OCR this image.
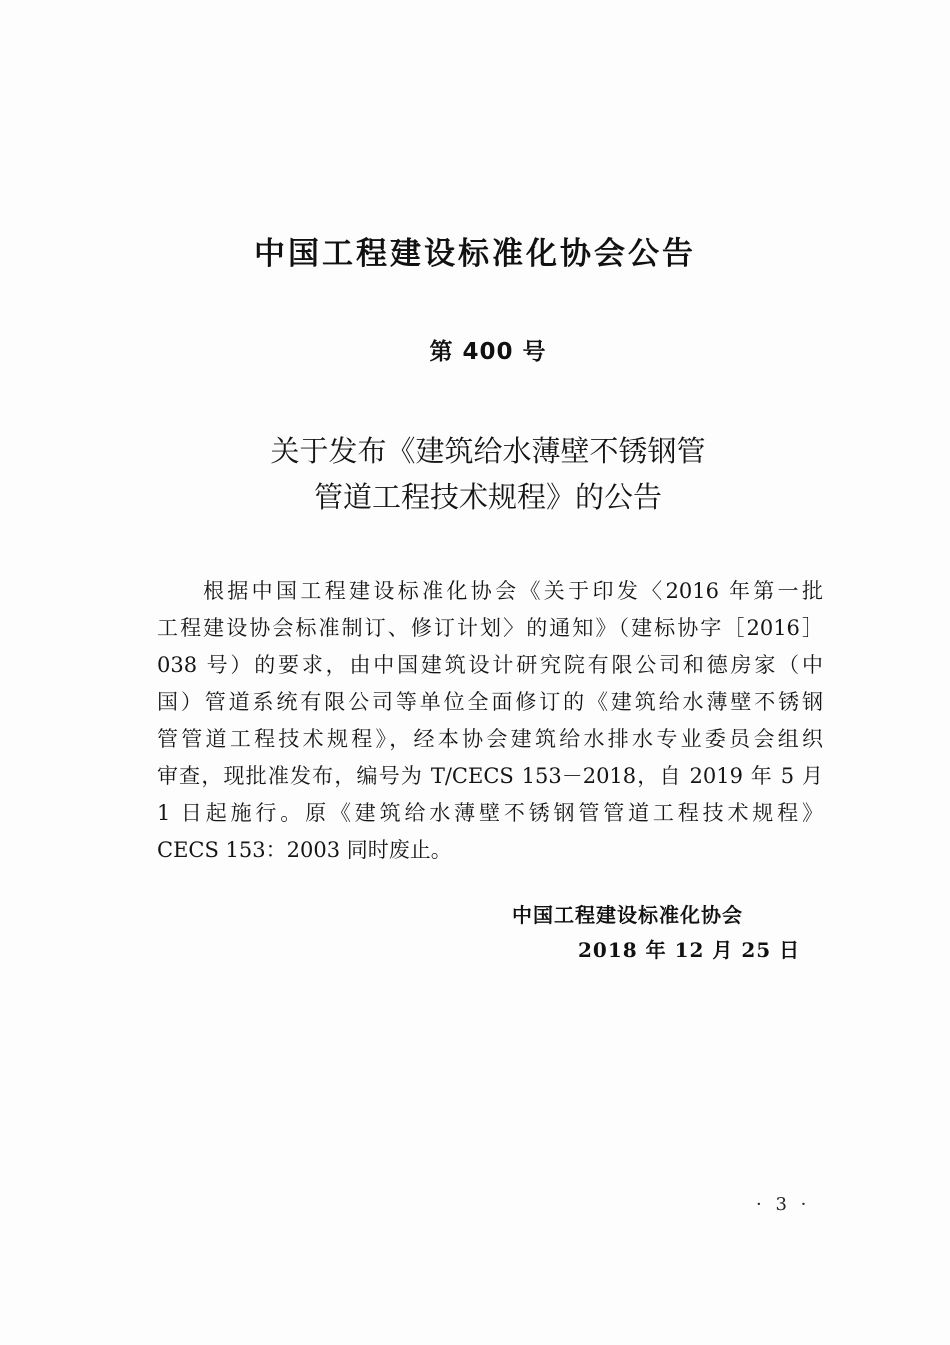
中国工程建设标准化协会公告
第 400 号
关于发布《建筑给水薄壁不锈钢管
管道工程技术规程》的公告
根据中国工程建设标准化协会《关于印发〈2016 年第一批
工程建设协会标准制订、修订计划〉的通知》（建标协字［2016］
038 号）的要求，由中国建筑设计研究院有限公司和德房家（中
国）管道系统有限公司等单位全面修订的《建筑给水薄壁不锈钢
管管道工程技术规程》，经本协会建筑给水排水专业委员会组织
审查，现批准发布，编号为 T/CECS 153－2018，自 2019 年 5 月
1 日起施行。原《建筑给水薄壁不锈钢管管道工程技术规程》
CECS 153：2003 同时废止。
中国工程建设标准化协会
2018 年 12 月 25 日
· 3 ·
